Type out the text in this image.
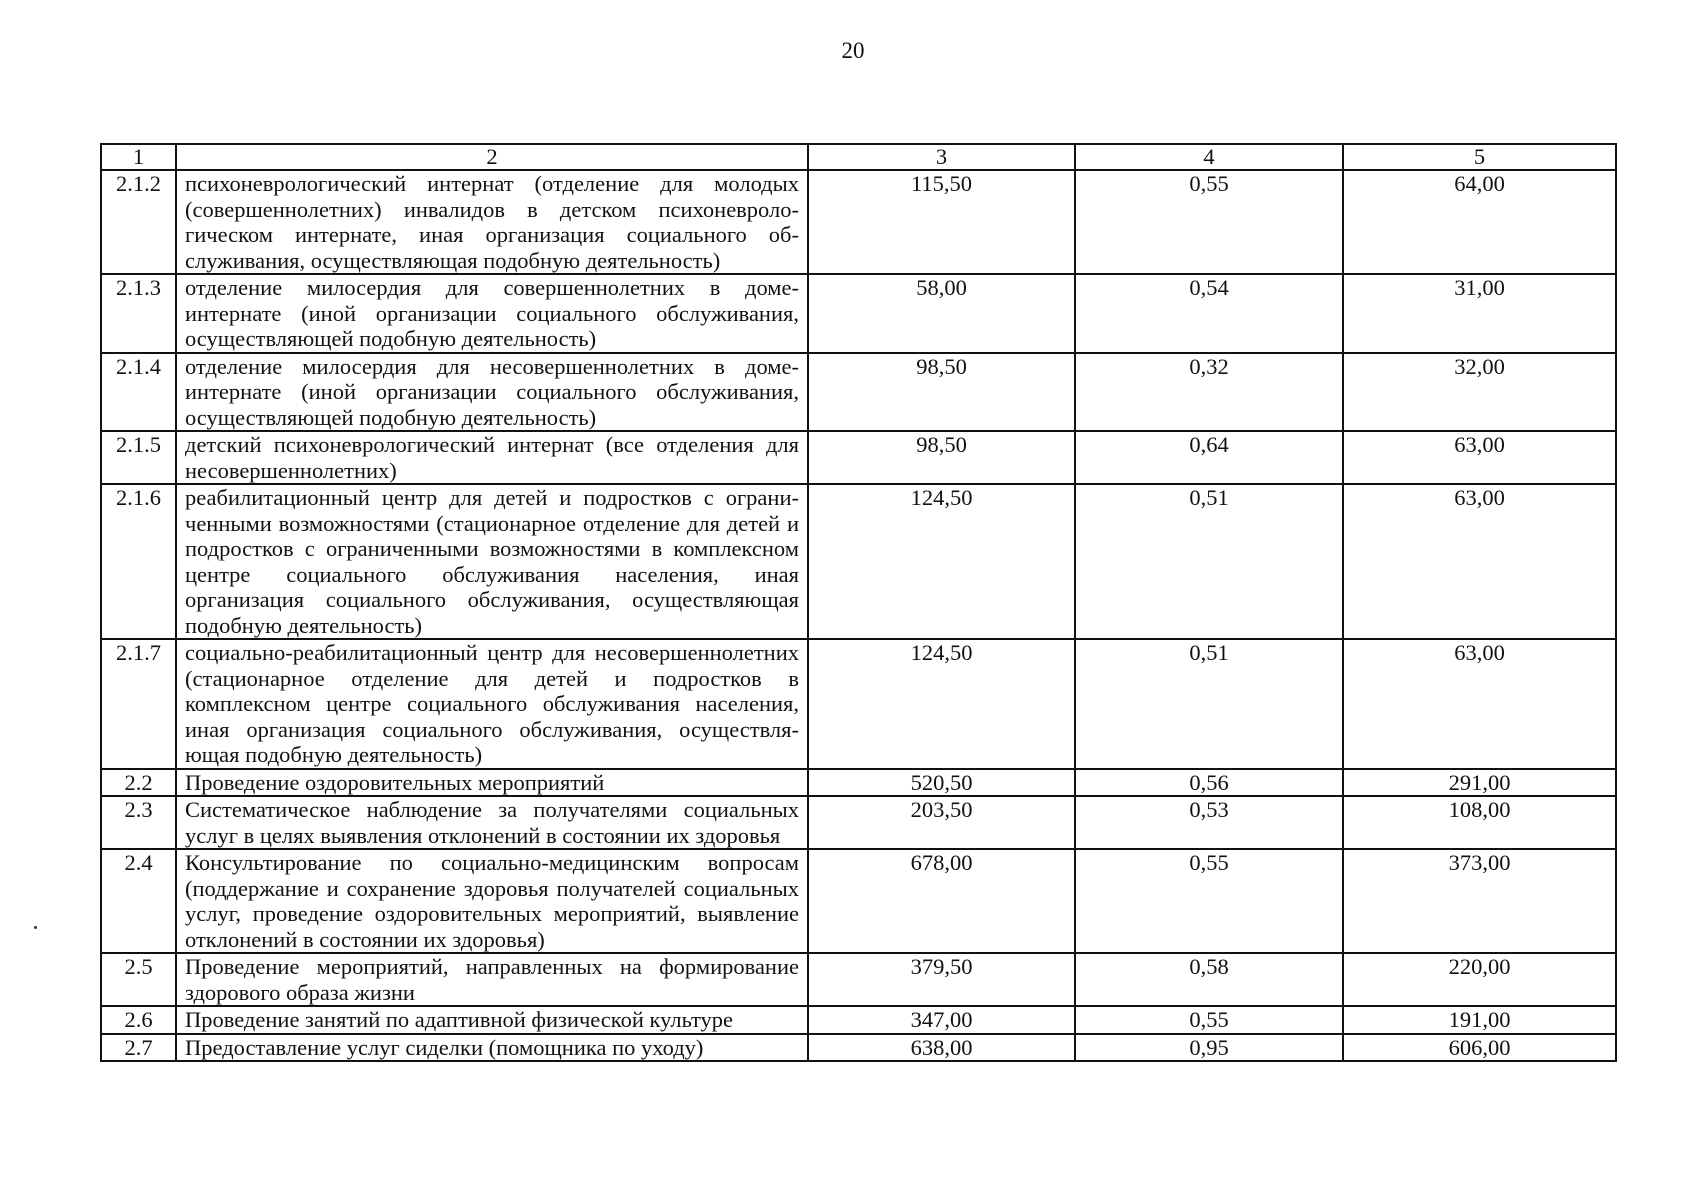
20
1	2	3	4	5
2.1.2	психоневрологический интернат (отделение для молодых (совершеннолетних) инвалидов в детском психоневрологическом интернате, иная организация социального обслуживания, осуществляющая подобную деятельность)	115,50	0,55	64,00
2.1.3	отделение милосердия для совершеннолетних в доме-интернате (иной организации социального обслуживания, осуществляющей подобную деятельность)	58,00	0,54	31,00
2.1.4	отделение милосердия для несовершеннолетних в доме-интернате (иной организации социального обслуживания, осуществляющей подобную деятельность)	98,50	0,32	32,00
2.1.5	детский психоневрологический интернат (все отделения для несовершеннолетних)	98,50	0,64	63,00
2.1.6	реабилитационный центр для детей и подростков с ограниченными возможностями (стационарное отделение для детей и подростков с ограниченными возможностями в комплексном центре социального обслуживания населения, иная организация социального обслуживания, осуществляющая подобную деятельность)	124,50	0,51	63,00
2.1.7	социально-реабилитационный центр для несовершеннолетних (стационарное отделение для детей и подростков в комплексном центре социального обслуживания населения, иная организация социального обслуживания, осуществляющая подобную деятельность)	124,50	0,51	63,00
2.2	Проведение оздоровительных мероприятий	520,50	0,56	291,00
2.3	Систематическое наблюдение за получателями социальных услуг в целях выявления отклонений в состоянии их здоровья	203,50	0,53	108,00
2.4	Консультирование по социально-медицинским вопросам (поддержание и сохранение здоровья получателей социальных услуг, проведение оздоровительных мероприятий, выявление отклонений в состоянии их здоровья)	678,00	0,55	373,00
2.5	Проведение мероприятий, направленных на формирование здорового образа жизни	379,50	0,58	220,00
2.6	Проведение занятий по адаптивной физической культуре	347,00	0,55	191,00
2.7	Предоставление услуг сиделки (помощника по уходу)	638,00	0,95	606,00
